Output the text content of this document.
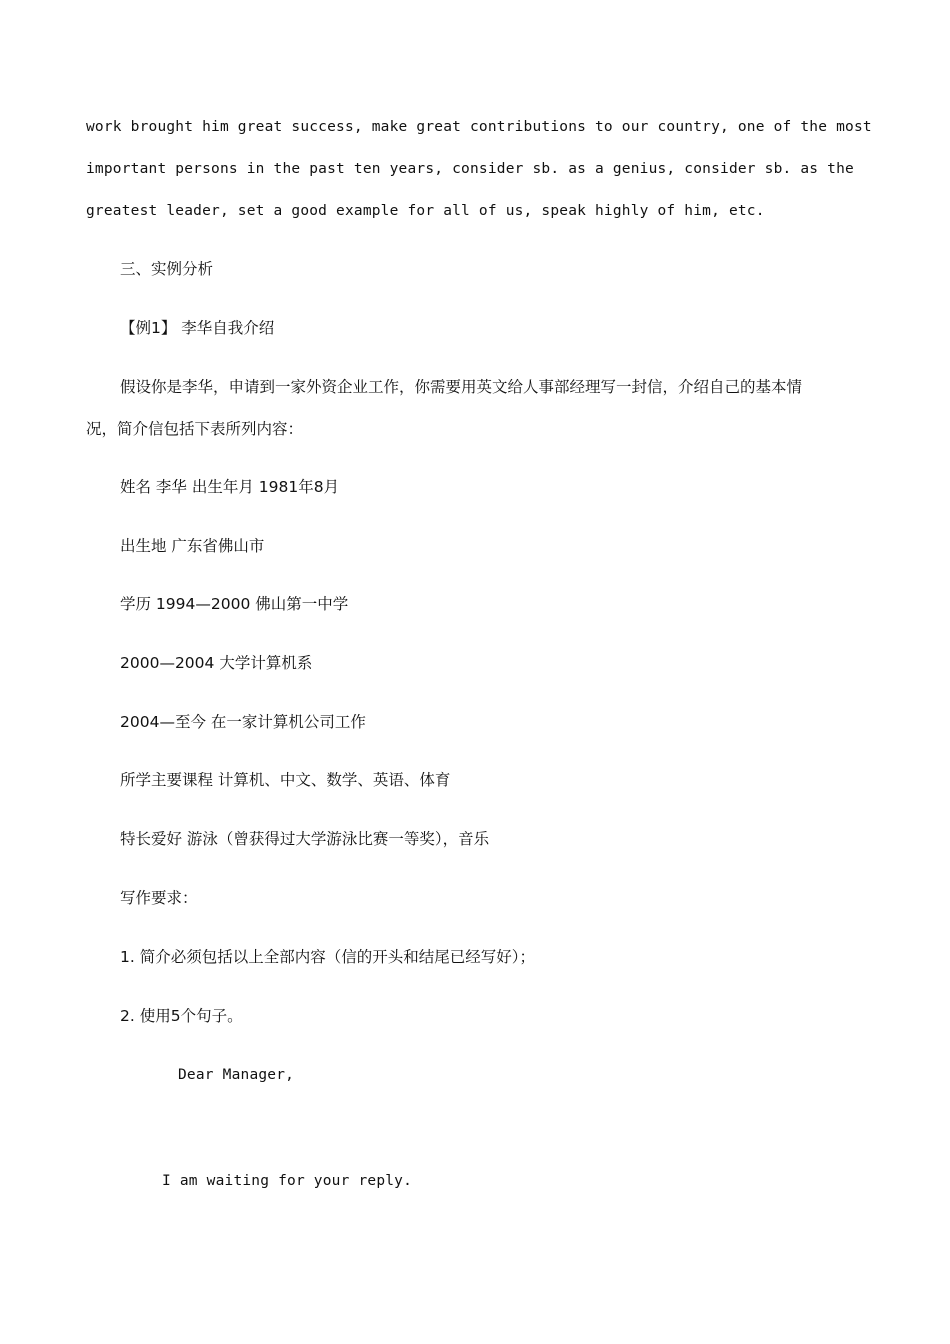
work brought him great success, make great contributions to our country, one of the most
important persons in the past ten years, consider sb. as a genius, consider sb. as the
greatest leader, set a good example for all of us, speak highly of him, etc.
三、实例分析
【例1】 李华自我介绍
假设你是李华，申请到一家外资企业工作，你需要用英文给人事部经理写一封信，介绍自己的基本情
况，简介信包括下表所列内容：
姓名 李华 出生年月 1981年8月
出生地 广东省佛山市
学历 1994—2000 佛山第一中学
2000—2004 大学计算机系
2004—至今 在一家计算机公司工作
所学主要课程 计算机、中文、数学、英语、体育
特长爱好 游泳（曾获得过大学游泳比赛一等奖），音乐
写作要求：
1. 简介必须包括以上全部内容（信的开头和结尾已经写好）；
2. 使用5个句子。
Dear Manager,
I am waiting for your reply.
